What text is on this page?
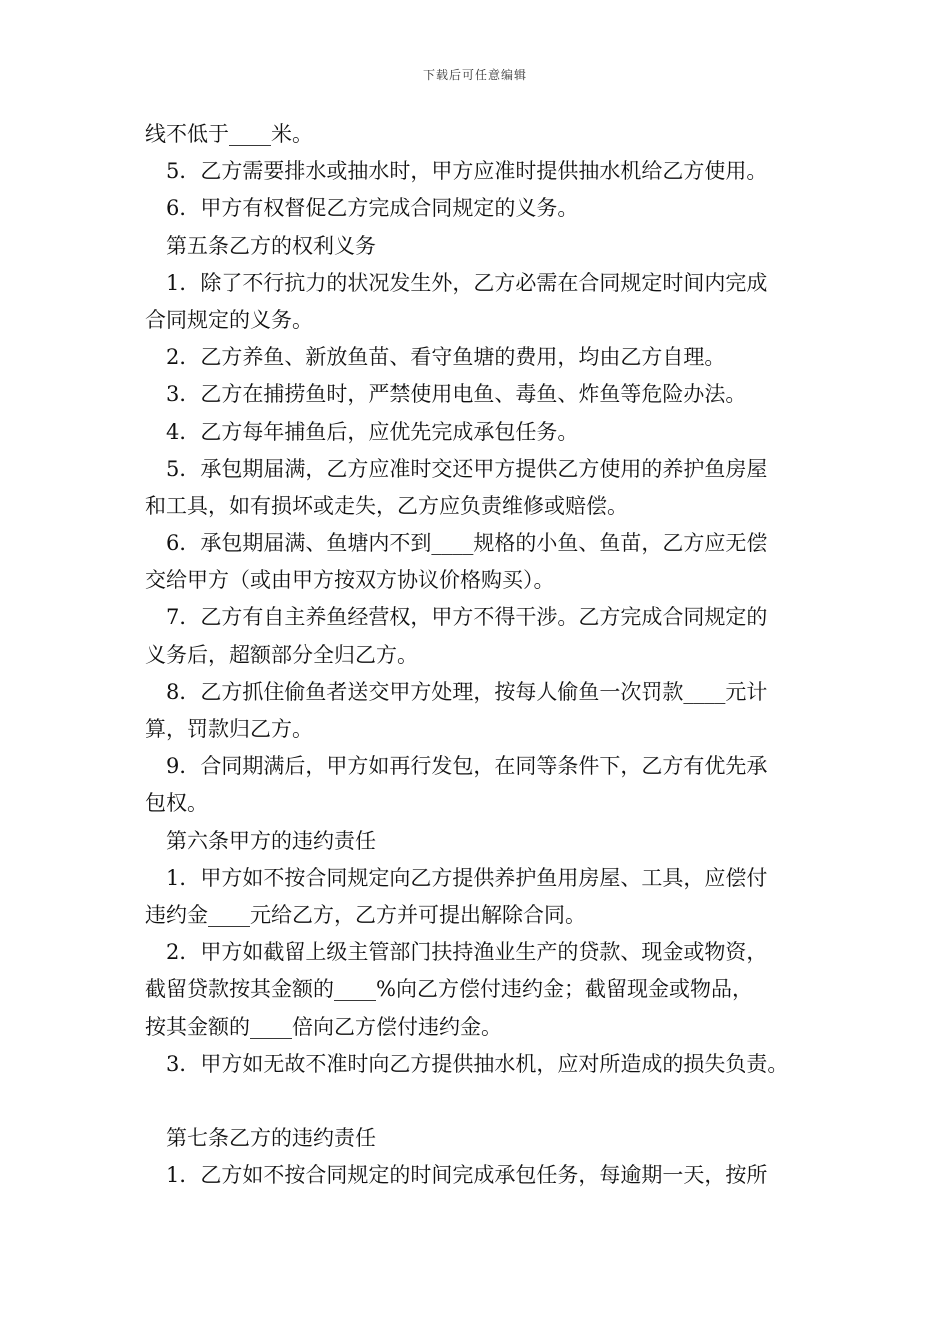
下载后可任意编辑
线不低于____米。
5．乙方需要排水或抽水时，甲方应准时提供抽水机给乙方使用。
6．甲方有权督促乙方完成合同规定的义务。
第五条乙方的权利义务
1．除了不行抗力的状况发生外，乙方必需在合同规定时间内完成
合同规定的义务。
2．乙方养鱼、新放鱼苗、看守鱼塘的费用，均由乙方自理。
3．乙方在捕捞鱼时，严禁使用电鱼、毒鱼、炸鱼等危险办法。
4．乙方每年捕鱼后，应优先完成承包任务。
5．承包期届满，乙方应准时交还甲方提供乙方使用的养护鱼房屋
和工具，如有损坏或走失，乙方应负责维修或赔偿。
6．承包期届满、鱼塘内不到____规格的小鱼、鱼苗，乙方应无偿
交给甲方（或由甲方按双方协议价格购买）。
7．乙方有自主养鱼经营权，甲方不得干涉。乙方完成合同规定的
义务后，超额部分全归乙方。
8．乙方抓住偷鱼者送交甲方处理，按每人偷鱼一次罚款____元计
算，罚款归乙方。
9．合同期满后，甲方如再行发包，在同等条件下，乙方有优先承
包权。
第六条甲方的违约责任
1．甲方如不按合同规定向乙方提供养护鱼用房屋、工具，应偿付
违约金____元给乙方，乙方并可提出解除合同。
2．甲方如截留上级主管部门扶持渔业生产的贷款、现金或物资，
截留贷款按其金额的____%向乙方偿付违约金；截留现金或物品，
按其金额的____倍向乙方偿付违约金。
3．甲方如无故不准时向乙方提供抽水机，应对所造成的损失负责。
第七条乙方的违约责任
1．乙方如不按合同规定的时间完成承包任务，每逾期一天，按所
